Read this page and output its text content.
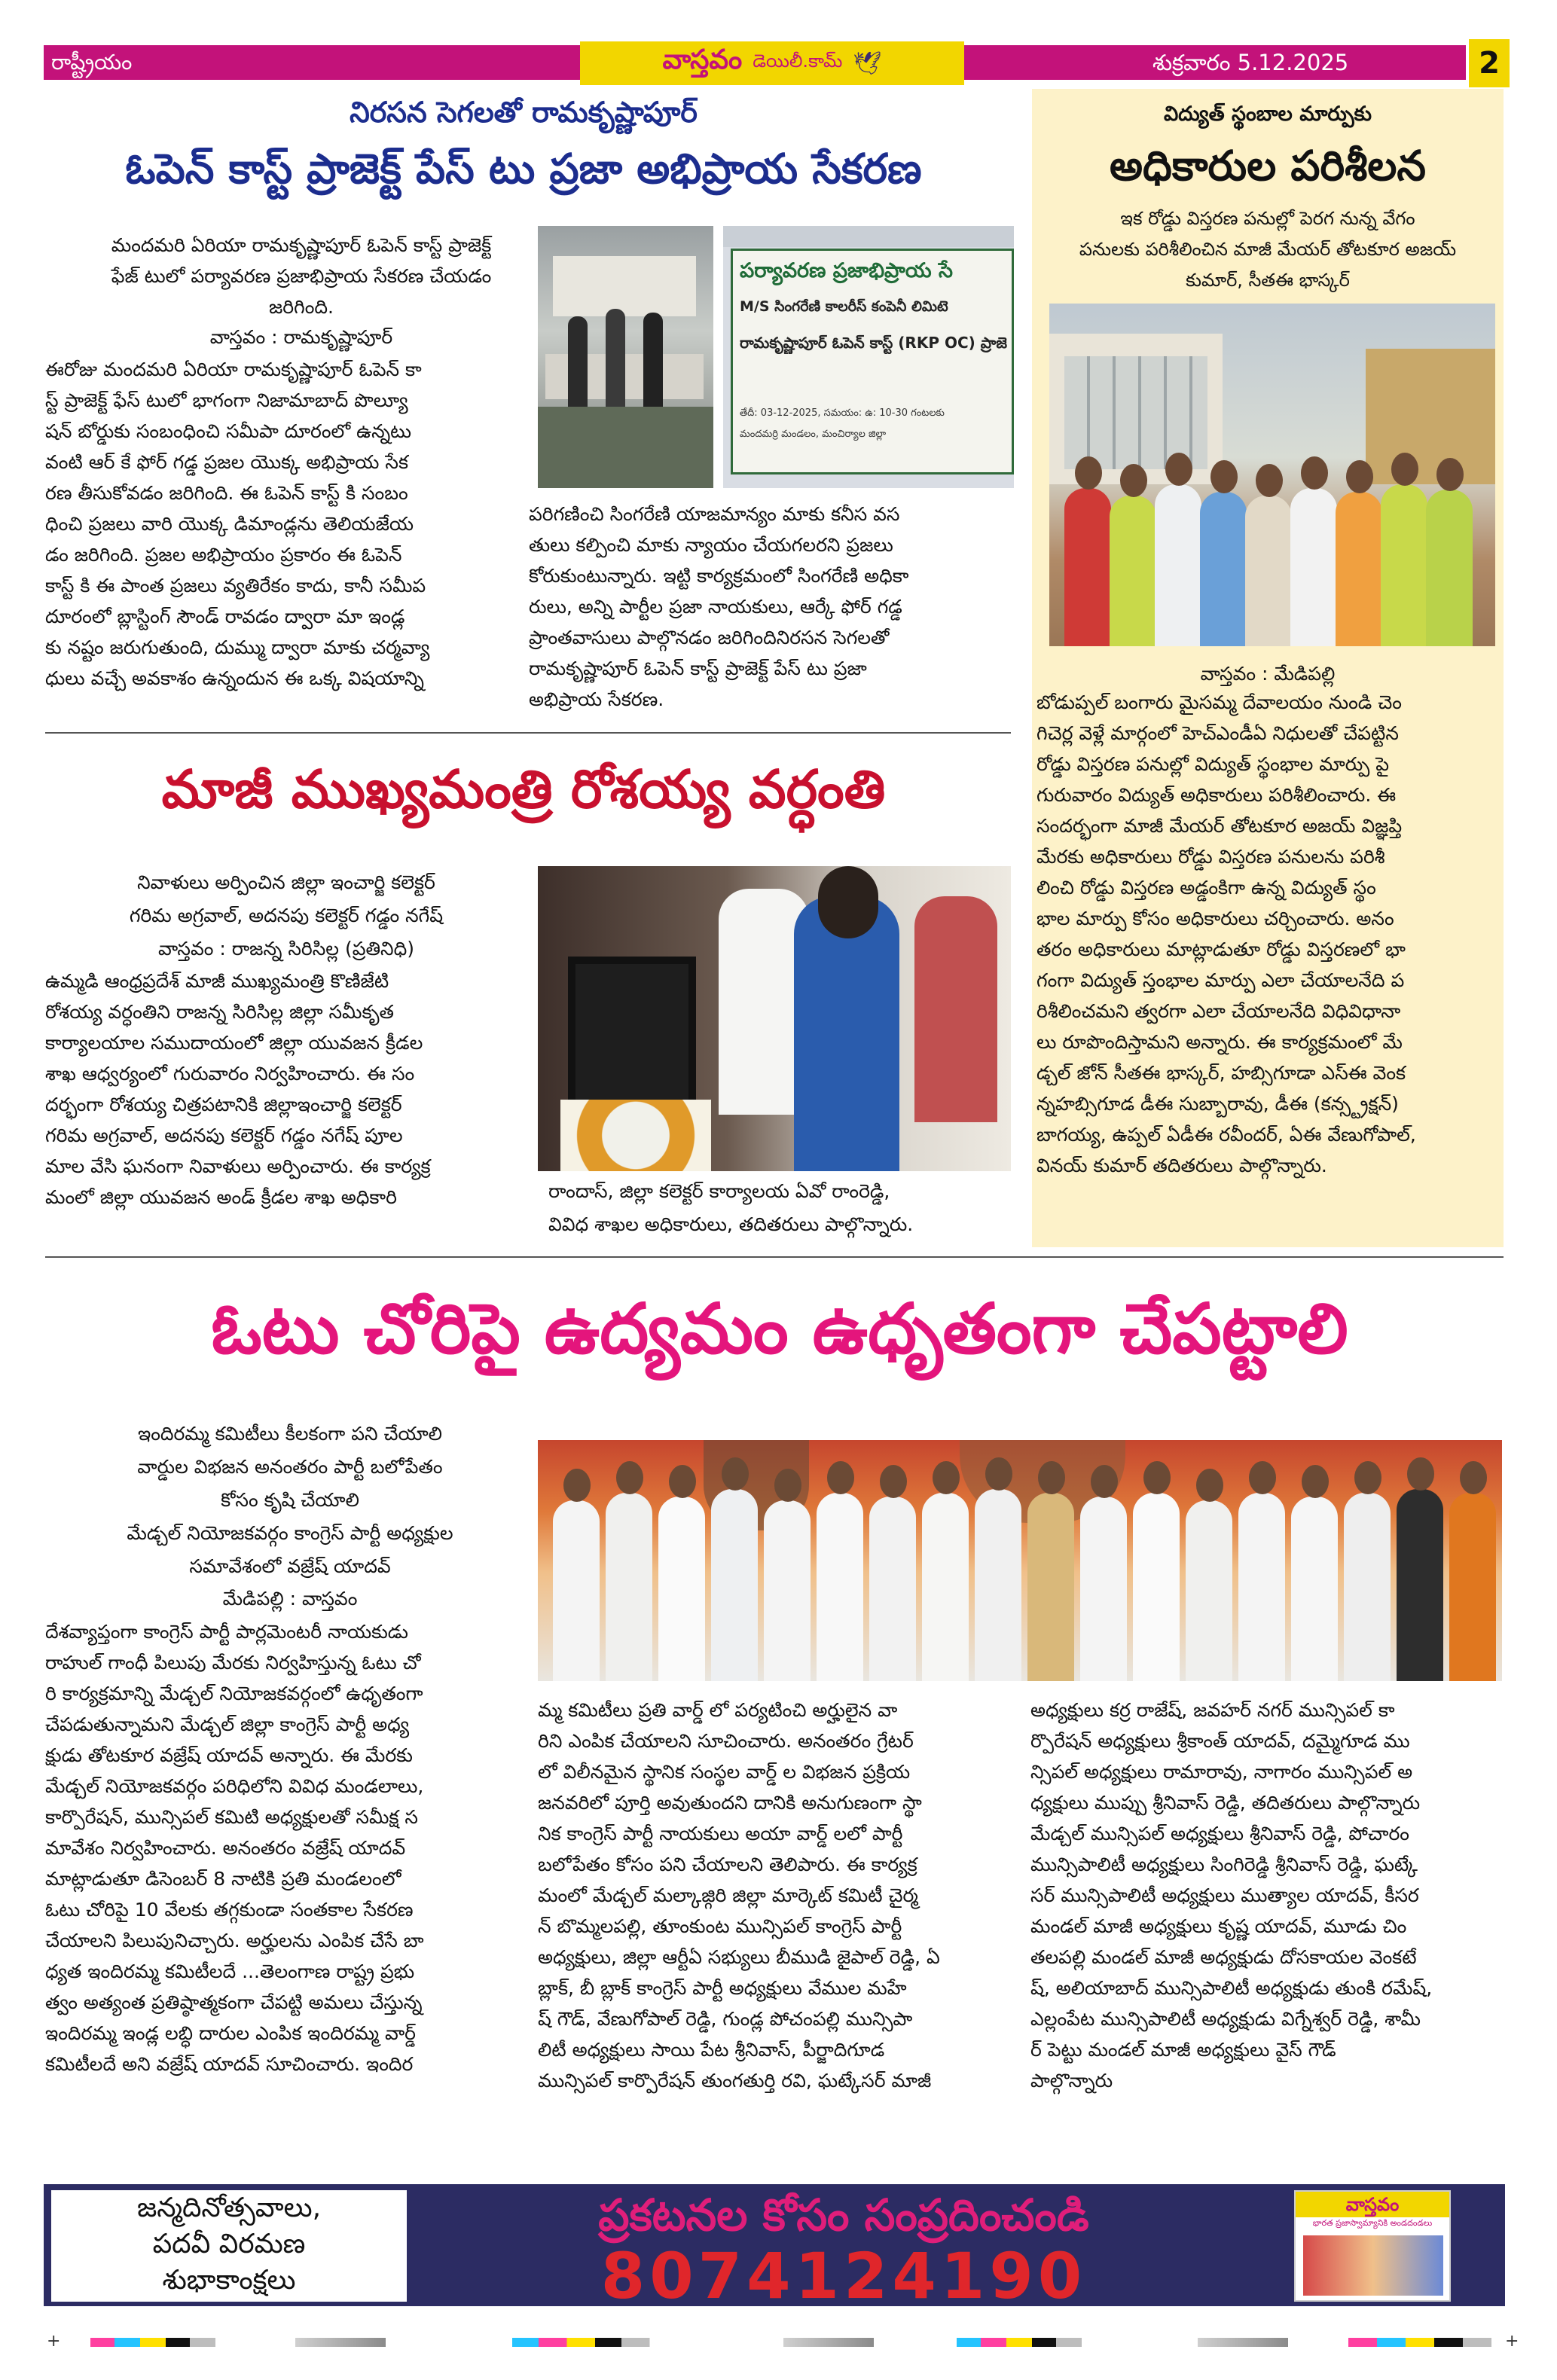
రాష్ట్రీయం	వాస్తవం డెయిలీ.కామ్ 🕊	శుక్రవారం 5.12.2025	2
నిరసన సెగలతో రామకృష్ణాపూర్
ఓపెన్ కాస్ట్ ప్రాజెక్ట్ పేస్ టు ప్రజా అభిప్రాయ సేకరణ
మందమరి ఏరియా రామకృష్ణాపూర్ ఓపెన్ కాస్ట్ ప్రాజెక్ట్
ఫేజ్ టులో పర్యావరణ ప్రజాభిప్రాయ సేకరణ చేయడం
జరిగింది.
వాస్తవం : రామకృష్ణాపూర్
ఈరోజు మందమరి ఏరియా రామకృష్ణాపూర్ ఓపెన్ కా
స్ట్ ప్రాజెక్ట్ ఫేస్ టులో భాగంగా నిజామాబాద్ పొల్యూ
షన్ బోర్డుకు సంబంధించి సమీపా దూరంలో ఉన్నటు
వంటి ఆర్ కే ఫోర్ గడ్డ ప్రజల యొక్క అభిప్రాయ సేక
రణ తీసుకోవడం జరిగింది. ఈ ఓపెన్ కాస్ట్ కి సంబం
ధించి ప్రజలు వారి యొక్క డిమాండ్లను తెలియజేయ
డం జరిగింది. ప్రజల అభిప్రాయం ప్రకారం ఈ ఓపెన్
కాస్ట్ కి ఈ పాంత ప్రజలు వ్యతిరేకం కాదు, కానీ సమీప
దూరంలో బ్లాస్టింగ్ సౌండ్ రావడం ద్వారా మా ఇండ్ల
కు నష్టం జరుగుతుంది, దుమ్ము ద్వారా మాకు చర్మవ్యా
ధులు వచ్చే అవకాశం ఉన్నందున ఈ ఒక్క విషయాన్ని
పరిగణించి సింగరేణి యాజమాన్యం మాకు కనీస వస
తులు కల్పించి మాకు న్యాయం చేయగలరని ప్రజలు
కోరుకుంటున్నారు. ఇట్టి కార్యక్రమంలో సింగరేణి అధికా
రులు, అన్ని పార్టీల ప్రజా నాయకులు, ఆర్కే ఫోర్ గడ్డ
ప్రాంతవాసులు పాల్గొనడం జరిగిందినిరసన సెగలతో
రామకృష్ణాపూర్ ఓపెన్ కాస్ట్ ప్రాజెక్ట్ పేస్ టు ప్రజా
అభిప్రాయ సేకరణ.
పర్యావరణ ప్రజాభిప్రాయ సే
M/S సింగరేణి కాలరీస్ కంపెనీ లిమిటె
రామకృష్ణాపూర్ ఓపెన్ కాస్ట్ (RKP OC) ప్రాజె
తేదీ: 03-12-2025, సమయం: ఉ: 10-30 గంటలకు
మందమర్రి మండలం, మంచిర్యాల జిల్లా
విద్యుత్ స్థంబాల మార్పుకు
అధికారుల పరిశీలన
ఇక రోడ్డు విస్తరణ పనుల్లో పెరగ నున్న వేగం
పనులకు పరిశీలించిన మాజీ మేయర్ తోటకూర అజయ్
కుమార్, సీతఈ భాస్కర్
వాస్తవం : మేడిపల్లి
బోడుప్పల్ బంగారు మైసమ్మ దేవాలయం నుండి చెం
గిచెర్ల వెళ్లే మార్గంలో హెచ్ఎండీఏ నిధులతో చేపట్టిన
రోడ్డు విస్తరణ పనుల్లో విద్యుత్ స్థంభాల మార్పు పై
గురువారం విద్యుత్ అధికారులు పరిశీలించారు. ఈ
సందర్భంగా మాజీ మేయర్ తోటకూర అజయ్ విజ్ఞప్తి
మేరకు అధికారులు రోడ్డు విస్తరణ పనులను పరిశీ
లించి రోడ్డు విస్తరణ అడ్డంకిగా ఉన్న విద్యుత్ స్థం
భాల మార్పు కోసం అధికారులు చర్చించారు. అనం
తరం అధికారులు మాట్లాడుతూ రోడ్డు విస్తరణలో భా
గంగా విద్యుత్ స్తంభాల మార్పు ఎలా చేయాలనేది ప
రిశీలించమని త్వరగా ఎలా చేయాలనేది విధివిధానా
లు రూపొందిస్తామని అన్నారు. ఈ కార్యక్రమంలో మే
డ్చల్ జోన్ సీతఈ భాస్కర్, హబ్సిగూడా ఎస్ఈ వెంక
న్నహబ్సిగూడ డీఈ సుబ్బారావు, డీఈ (కన్స్ట్రక్షన్)
బాగయ్య, ఉప్పల్ ఏడీఈ రవీందర్, ఏఈ వేణుగోపాల్,
వినయ్ కుమార్ తదితరులు పాల్గొన్నారు.
మాజీ ముఖ్యమంత్రి రోశయ్య వర్ధంతి
నివాళులు అర్పించిన జిల్లా ఇంచార్జి కలెక్టర్
గరిమ అగ్రవాల్, అదనపు కలెక్టర్ గడ్డం నగేష్
వాస్తవం : రాజన్న సిరిసిల్ల (ప్రతినిధి)
ఉమ్మడి ఆంధ్రప్రదేశ్ మాజీ ముఖ్యమంత్రి కొణిజేటి
రోశయ్య వర్ధంతిని రాజన్న సిరిసిల్ల జిల్లా సమీకృత
కార్యాలయాల సముదాయంలో జిల్లా యువజన క్రీడల
శాఖ ఆధ్వర్యంలో గురువారం నిర్వహించారు. ఈ సం
దర్భంగా రోశయ్య చిత్రపటానికి జిల్లాఇంచార్జి కలెక్టర్
గరిమ అగ్రవాల్, అదనపు కలెక్టర్ గడ్డం నగేష్ పూల
మాల వేసి ఘనంగా నివాళులు అర్పించారు. ఈ కార్యక్ర
మంలో జిల్లా యువజన అండ్ క్రీడల శాఖ అధికారి	రాందాస్, జిల్లా కలెక్టర్ కార్యాలయ ఏవో రాంరెడ్డి,
వివిధ శాఖల అధికారులు, తదితరులు పాల్గొన్నారు.
ఓటు చోరిపై ఉద్యమం ఉధృతంగా చేపట్టాలి
ఇందిరమ్మ కమిటీలు కీలకంగా పని చేయాలి
వార్డుల విభజన అనంతరం పార్టీ బలోపేతం
కోసం కృషి చేయాలి
మేడ్చల్ నియోజకవర్గం కాంగ్రెస్ పార్టీ అధ్యక్షుల
సమావేశంలో వజ్రేష్ యాదవ్
మేడిపల్లి : వాస్తవం
దేశవ్యాప్తంగా కాంగ్రెస్ పార్టీ పార్లమెంటరీ నాయకుడు
రాహుల్ గాంధీ పిలుపు మేరకు నిర్వహిస్తున్న ఓటు చో
రి కార్యక్రమాన్ని మేడ్చల్ నియోజకవర్గంలో ఉధృతంగా
చేపడుతున్నామని మేడ్చల్ జిల్లా కాంగ్రెస్ పార్టీ అధ్య
క్షుడు తోటకూర వజ్రేష్ యాదవ్ అన్నారు. ఈ మేరకు
మేడ్చల్ నియోజకవర్గం పరిధిలోని వివిధ మండలాలు,
కార్పొరేషన్, మున్సిపల్ కమిటి అధ్యక్షులతో సమీక్ష స
మావేశం నిర్వహించారు. అనంతరం వజ్రేష్ యాదవ్
మాట్లాడుతూ డిసెంబర్ 8 నాటికి ప్రతి మండలంలో
ఓటు చోరిపై 10 వేలకు తగ్గకుండా సంతకాల సేకరణ
చేయాలని పిలుపునిచ్చారు. అర్హులను ఎంపిక చేసే బా
ధ్యత ఇందిరమ్మ కమిటీలదే ...తెలంగాణ రాష్ట్ర ప్రభు
త్వం అత్యంత ప్రతిష్ఠాత్మకంగా చేపట్టి అమలు చేస్తున్న
ఇందిరమ్మ ఇండ్ల లబ్ధి దారుల ఎంపిక ఇందిరమ్మ వార్డ్
కమిటీలదే అని వజ్రేష్ యాదవ్ సూచించారు. ఇందిర
మ్మ కమిటీలు ప్రతి వార్డ్ లో పర్యటించి అర్హులైన వా
రిని ఎంపిక చేయాలని సూచించారు. అనంతరం గ్రేటర్
లో విలీనమైన స్థానిక సంస్థల వార్డ్ ల విభజన ప్రక్రియ
జనవరిలో పూర్తి అవుతుందని దానికి అనుగుణంగా స్థా
నిక కాంగ్రెస్ పార్టీ నాయకులు అయా వార్డ్ లలో పార్టీ
బలోపేతం కోసం పని చేయాలని తెలిపారు. ఈ కార్యక్ర
మంలో మేడ్చల్ మల్కాజ్గిరి జిల్లా మార్కెట్ కమిటీ చైర్మ
న్ బొమ్మలపల్లి, తూంకుంట మున్సిపల్ కాంగ్రెస్ పార్టీ
అధ్యక్షులు, జిల్లా ఆర్టీఏ సభ్యులు బీముడి జైపాల్ రెడ్డి, ఏ
బ్లాక్, బీ బ్లాక్ కాంగ్రెస్ పార్టీ అధ్యక్షులు వేముల మహే
ష్ గౌడ్, వేణుగోపాల్ రెడ్డి, గుండ్ల పోచంపల్లి మున్సిపా
లిటీ అధ్యక్షులు సాయి పేట శ్రీనివాస్, పీర్జాదిగూడ
మున్సిపల్ కార్పొరేషన్ తుంగతుర్తి రవి, ఘట్కేసర్ మాజీ
అధ్యక్షులు కర్ర రాజేష్, జవహర్ నగర్ మున్సిపల్ కా
ర్పొరేషన్ అధ్యక్షులు శ్రీకాంత్ యాదవ్, దమ్మైగూడ ము
న్సిపల్ అధ్యక్షులు రామారావు, నాగారం మున్సిపల్ అ
ధ్యక్షులు ముప్పు శ్రీనివాస్ రెడ్డి, తదితరులు పాల్గొన్నారు
మేడ్చల్ మున్సిపల్ అధ్యక్షులు శ్రీనివాస్ రెడ్డి, పోచారం
మున్సిపాలిటీ అధ్యక్షులు సింగిరెడ్డి శ్రీనివాస్ రెడ్డి, ఘట్కే
సర్ మున్సిపాలిటీ అధ్యక్షులు ముత్యాల యాదవ్, కీసర
మండల్ మాజీ అధ్యక్షులు కృష్ణ యాదవ్, మూడు చిం
తలపల్లి మండల్ మాజీ అధ్యక్షుడు దోసకాయల వెంకటే
ష్, అలియాబాద్ మున్సిపాలిటీ అధ్యక్షుడు తుంకి రమేష్,
ఎల్లంపేట మున్సిపాలిటీ అధ్యక్షుడు విగ్నేశ్వర్ రెడ్డి, శామీ
ర్ పెట్టు మండల్ మాజీ అధ్యక్షులు వైస్ గౌడ్
పాల్గొన్నారు
జన్మదినోత్సవాలు,
పదవీ విరమణ
శుభాకాంక్షలు
ప్రకటనల కోసం సంప్రదించండి
8074124190
వాస్తవం
భారత ప్రజాస్వామ్యానికి అండదండలు
+	+
